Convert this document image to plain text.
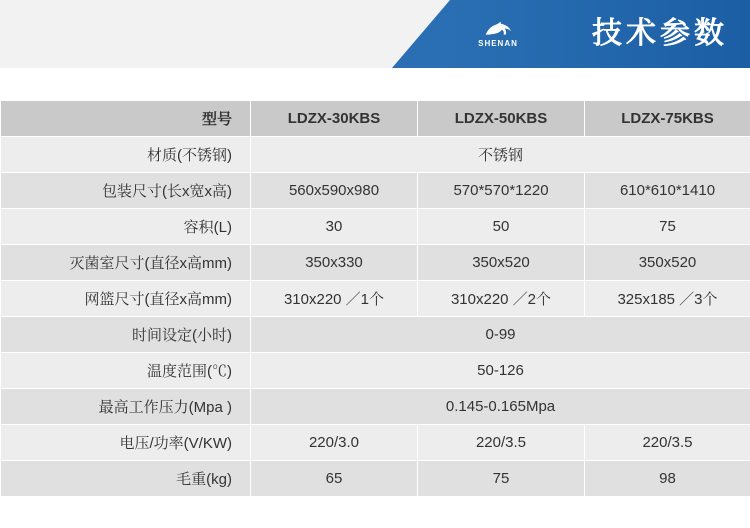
SHENAN 技术参数
型号	LDZX-30KBS	LDZX-50KBS	LDZX-75KBS
材质(不锈钢)	不锈钢		
包装尺寸(长x宽x高)	560x590x980	570*570*1220	610*610*1410
容积(L)	30	50	75
灭菌室尺寸(直径x高mm)	350x330	350x520	350x520
网篮尺寸(直径x高mm)	310x220 ／1个	310x220 ／2个	325x185 ／3个
时间设定(小时)	0-99		
温度范围(℃)	50-126		
最高工作压力(Mpa )	0.145-0.165Mpa		
电压/功率(V/KW)	220/3.0	220/3.5	220/3.5
毛重(kg)	65	75	98
